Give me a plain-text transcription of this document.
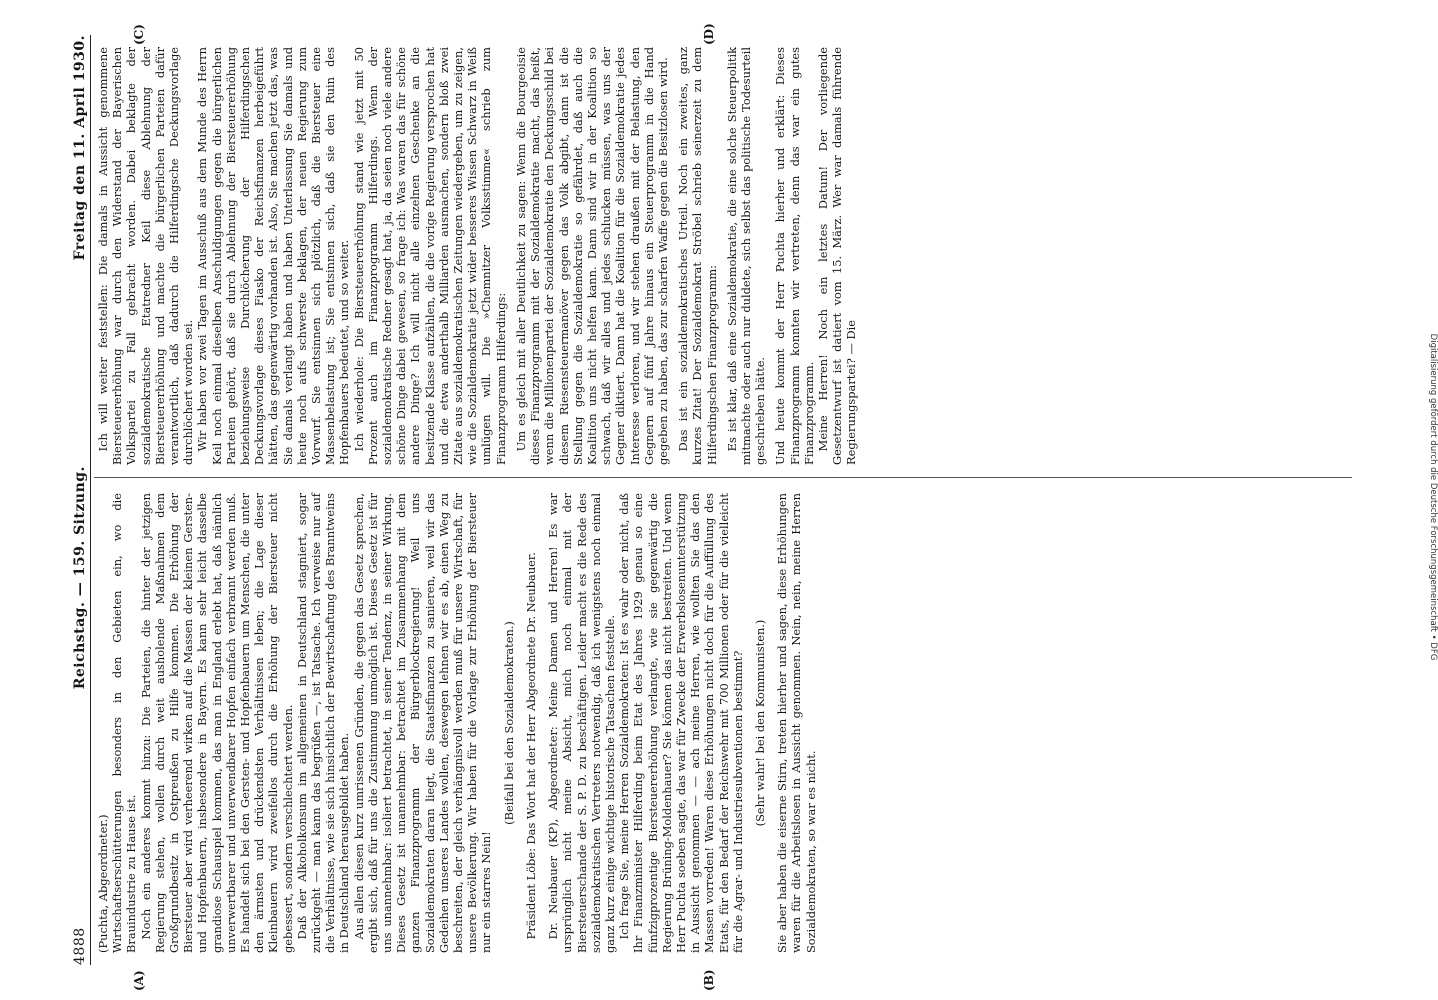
4888
Reichstag. — 159. Sitzung.
Freitag den 11. April 1930.
(A)	(B)
(C)	(D)

(Puchta, Abgeordneter.) Wirtschaftserschütterungen besonders in den Gebieten ein, wo die Brauindustrie zu Hause ist. Noch ein anderes kommt hinzu: Die Parteien, die hinter der jetzigen Regierung stehen, wollen durch weit ausholende Maßnahmen dem Großgrundbesitz in Ostpreußen zu Hilfe kommen. Die Erhöhung der Biersteuer aber wird verheerend wirken auf die Massen der kleinen Gersten- und Hopfenbauern, insbesondere in Bayern. Es kann sehr leicht dasselbe grandiose Schauspiel kommen, das man in England erlebt hat, daß nämlich unverwertbarer und unverwendbarer Hopfen einfach verbrannt werden muß. Es handelt sich bei den Gersten- und Hopfenbauern um Menschen, die unter den ärmsten und drückendsten Verhältnissen leben; die Lage dieser Kleinbauern wird zweifellos durch die Erhöhung der Biersteuer nicht gebessert, sondern verschlechtert werden. Daß der Alkoholkonsum im allgemeinen in Deutschland stagniert, sogar zurückgeht — man kann das begrüßen —, ist Tatsache. Ich verweise nur auf die Verhältnisse, wie sie sich hinsichtlich der Bewirtschaftung des Branntweins in Deutschland herausgebildet haben. Aus allen diesen kurz umrissenen Gründen, die gegen das Gesetz sprechen, ergibt sich, daß für uns die Zustimmung unmöglich ist. Dieses Gesetz ist für uns unannehmbar: isoliert betrachtet, in seiner Tendenz, in seiner Wirkung. Dieses Gesetz ist unannehmbar: betrachtet im Zusammenhang mit dem ganzen Finanzprogramm der Bürgerblockregierung! Weil uns Sozialdemokraten daran liegt, die Staatsfinanzen zu sanieren, weil wir das Gedeihen unseres Landes wollen, deswegen lehnen wir es ab, einen Weg zu beschreiten, der gleich verhängnisvoll werden muß für unsere Wirtschaft, für unsere Bevölkerung. Wir haben für die Vorlage zur Erhöhung der Biersteuer nur ein starres Nein!

(Beifall bei den Sozialdemokraten.) Präsident Löbe: Das Wort hat der Herr Abgeordnete Dr. Neubauer. Dr. Neubauer (KP), Abgeordneter: Meine Damen und Herren! Es war ursprünglich nicht meine Absicht, mich noch einmal mit der Biersteuerschande der S. P. D. zu beschäftigen. Leider macht es die Rede des sozialdemokratischen Vertreters notwendig, daß ich wenigstens noch einmal ganz kurz einige wichtige historische Tatsachen feststelle. Ich frage Sie, meine Herren Sozialdemokraten: Ist es wahr oder nicht, daß Ihr Finanzminister Hilferding beim Etat des Jahres 1929 genau so eine fünfzigprozentige Biersteuererhöhung verlangte, wie sie gegenwärtig die Regierung Brüning-Moldenhauer? Sie können das nicht bestreiten. Und wenn Herr Puchta soeben sagte, das war für Zwecke der Erwerbslosenunterstützung in Aussicht genommen — — ach meine Herren, wie wollten Sie das den Massen vorreden! Waren diese Erhöhungen nicht doch für die Auffüllung des Etats, für den Bedarf der Reichswehr mit 700 Millionen oder für die vielleicht für die Agrar- und Industriesubventionen bestimmt? (Sehr wahr! bei den Kommunisten.) Sie aber haben die eiserne Stirn, treten hierher und sagen, diese Erhöhungen waren für die Arbeitslosen in Aussicht genommen. Nein, nein, meine Herren Sozialdemokraten, so war es nicht.

Ich will weiter feststellen: Die damals in Aussicht genommene Biersteuererhöhung war durch den Widerstand der Bayerischen Volkspartei zu Fall gebracht worden. Dabei beklagte der sozialdemokratische Etatredner Keil diese Ablehnung der Biersteuererhöhung und machte die bürgerlichen Parteien dafür verantwortlich, daß dadurch die Hilferdingsche Deckungsvorlage durchlöchert worden sei. Wir haben vor zwei Tagen im Ausschuß aus dem Munde des Herrn Keil noch einmal dieselben Anschuldigungen gegen die bürgerlichen Parteien gehört, daß sie durch Ablehnung der Biersteuererhöhung beziehungsweise Durchlöcherung der Hilferdingschen Deckungsvorlage dieses Fiasko der Reichsfinanzen herbeigeführt hätten, das gegenwärtig vorhanden ist. Also, Sie machen jetzt das, was Sie damals verlangt haben und haben Unterlassung Sie damals und heute noch aufs schwerste beklagen, der neuen Regierung zum Vorwurf. Sie entsinnen sich plötzlich, daß die Biersteuer eine Massenbelastung ist; Sie entsinnen sich, daß sie den Ruin des Hopfenbauers bedeutet, und so weiter. Ich wiederhole: Die Biersteuererhöhung stand wie jetzt mit 50 Prozent auch im Finanzprogramm Hilferdings. Wenn der sozialdemokratische Redner gesagt hat, ja, da seien noch viele andere schöne Dinge dabei gewesen, so frage ich: Was waren das für schöne andere Dinge? Ich will nicht alle einzelnen Geschenke an die besitzende Klasse aufzählen, die die vorige Regierung versprochen hat und die etwa anderthalb Milliarden ausmachen, sondern bloß zwei Zitate aus sozialdemokratischen Zeitungen wiedergeben, um zu zeigen, wie die Sozialdemokratie jetzt wider besseres Wissen Schwarz in Weiß umlügen will. Die »Chemnitzer Volksstimme« schrieb zum Finanzprogramm Hilferdings: Um es gleich mit aller Deutlichkeit zu sagen: Wenn die Bourgeoisie dieses Finanzprogramm mit der Sozialdemokratie macht, das heißt, wenn die Millionenpartei der Sozialdemokratie den Deckungsschild bei diesem Riesensteuermanöver gegen das Volk abgibt, dann ist die Stellung gegen die Sozialdemokratie so gefährdet, daß auch die Koalition uns nicht helfen kann. Dann sind wir in der Koalition so schwach, daß wir alles und jedes schlucken müssen, was uns der Gegner diktiert. Dann hat die Koalition für die Sozialdemokratie jedes Interesse verloren, und wir stehen draußen mit der Belastung, den Gegnern auf fünf Jahre hinaus ein Steuerprogramm in die Hand gegeben zu haben, das zur scharfen Waffe gegen die Besitzlosen wird. Das ist ein sozialdemokratisches Urteil. Noch ein zweites, ganz kurzes Zitat! Der Sozialdemokrat Ströbel schrieb seinerzeit zu dem Hilferdingschen Finanzprogramm: Es ist klar, daß eine Sozialdemokratie, die eine solche Steuerpolitik mitmachte oder auch nur duldete, sich selbst das politische Todesurteil geschrieben hätte. Und heute kommt der Herr Puchta hierher und erklärt: Dieses Finanzprogramm konnten wir vertreten, denn das war ein gutes Finanzprogramm. Meine Herren! Noch ein letztes Datum! Der vorliegende Gesetzentwurf ist datiert vom 15. März. Wer war damals führende Regierungspartei? — Die	Digitalisierung gefördert durch die Deutsche Forschungsgemeinschaft • DFG
